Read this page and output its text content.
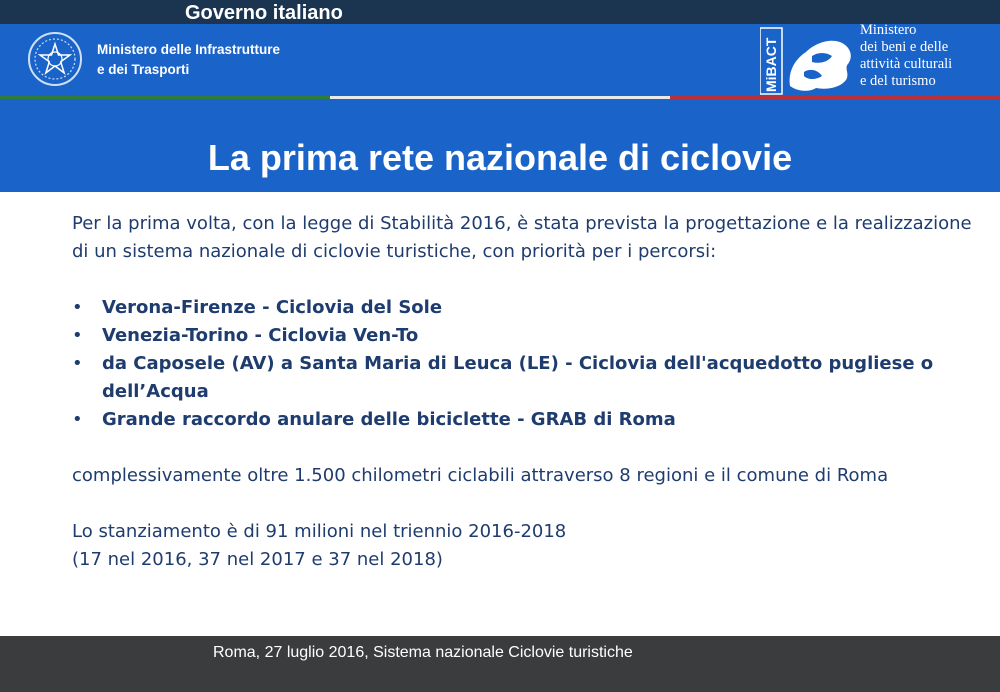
Governo italiano
Ministero delle Infrastrutture
e dei Trasporti	MiBACT
Ministero
dei beni e delle
attività culturali
e del turismo
La prima rete nazionale di ciclovie

Per la prima volta, con la legge di Stabilità 2016, è stata prevista la progettazione e la realizzazione di un sistema nazionale di ciclovie turistiche, con priorità per i percorsi:

• Verona-Firenze - Ciclovia del Sole
• Venezia-Torino - Ciclovia Ven-To
• da Caposele (AV) a Santa Maria di Leuca (LE) - Ciclovia dell'acquedotto pugliese o dell’Acqua
• Grande raccordo anulare delle biciclette - GRAB di Roma

complessivamente oltre 1.500 chilometri ciclabili attraverso 8 regioni e il comune di Roma

Lo stanziamento è di 91 milioni nel triennio 2016-2018

(17 nel 2016, 37 nel 2017 e 37 nel 2018)

Roma, 27 luglio 2016, Sistema nazionale Ciclovie turistiche
